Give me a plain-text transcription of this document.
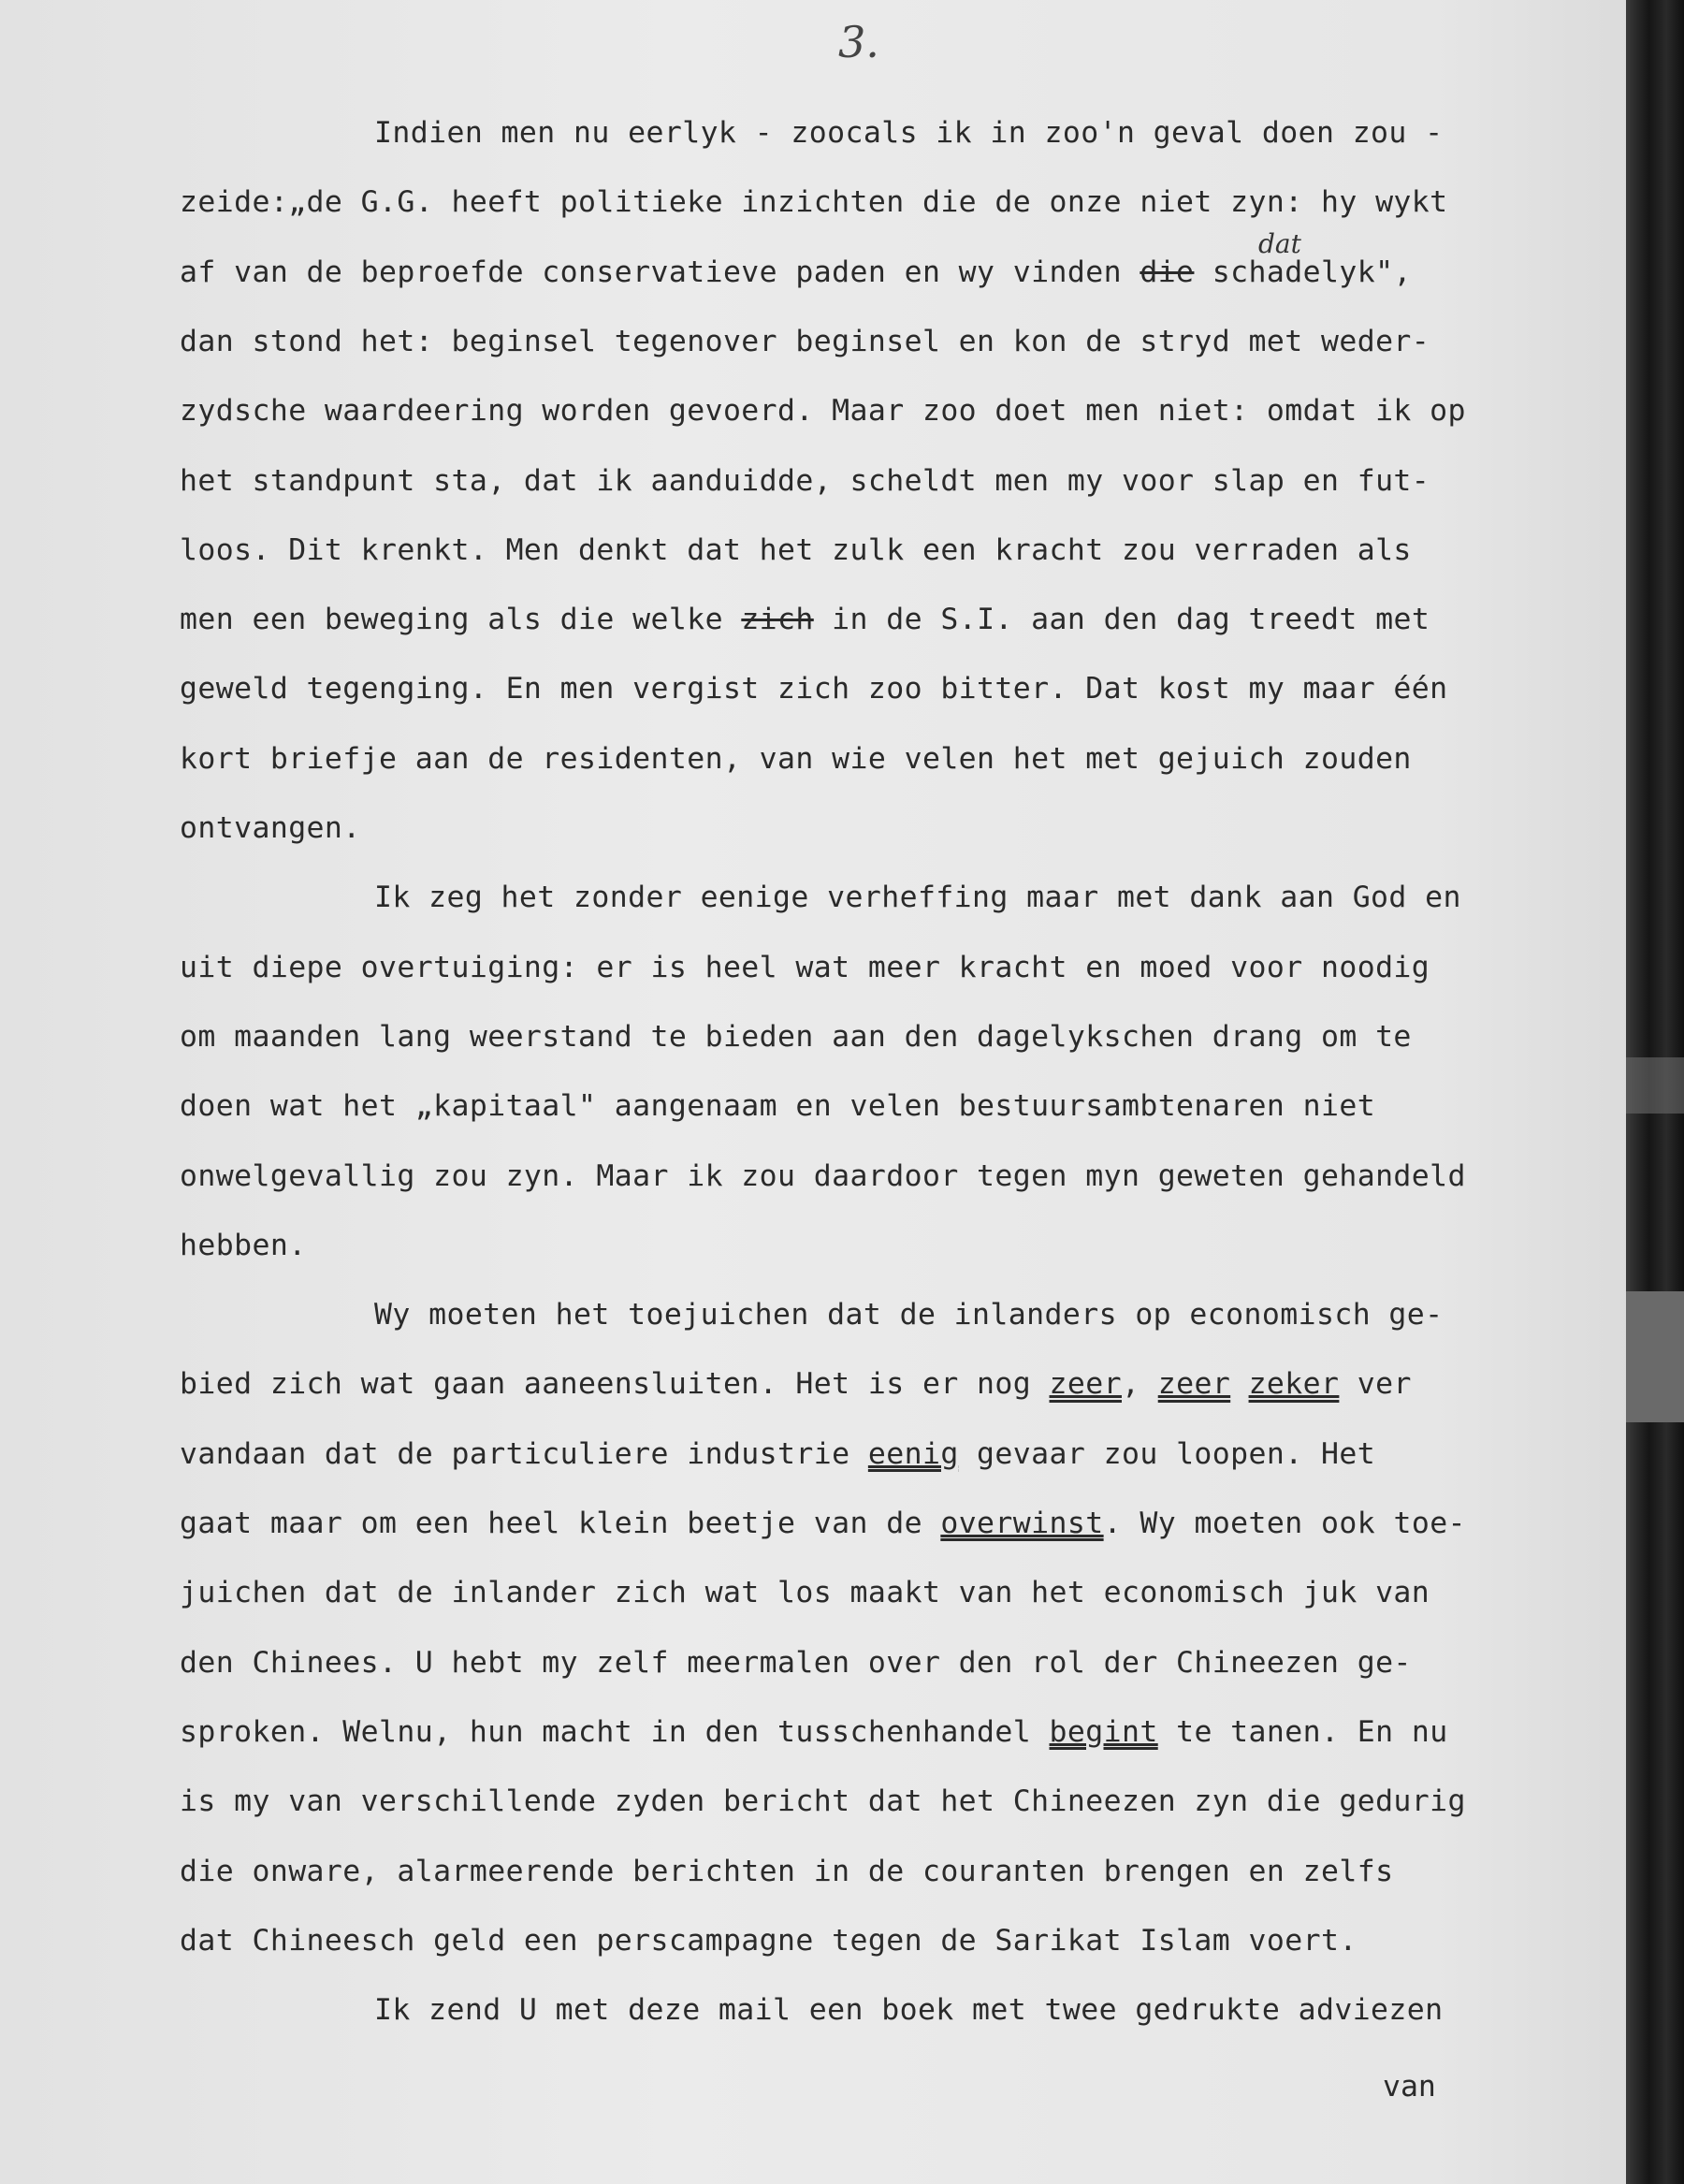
3.
dat
Indien men nu eerlyk - zoocals ik in zoo'n geval doen zou -
zeide:„de G.G. heeft politieke inzichten die de onze niet zyn: hy wykt
af van de beproefde conservatieve paden en wy vinden die schadelyk",
dan stond het: beginsel tegenover beginsel en kon de stryd met weder-
zydsche waardeering worden gevoerd. Maar zoo doet men niet: omdat ik op
het standpunt sta, dat ik aanduidde, scheldt men my voor slap en fut-
loos. Dit krenkt. Men denkt dat het zulk een kracht zou verraden als
men een beweging als die welke zich in de S.I. aan den dag treedt met
geweld tegenging. En men vergist zich zoo bitter. Dat kost my maar één
kort briefje aan de residenten, van wie velen het met gejuich zouden
ontvangen.
Ik zeg het zonder eenige verheffing maar met dank aan God en
uit diepe overtuiging: er is heel wat meer kracht en moed voor noodig
om maanden lang weerstand te bieden aan den dagelykschen drang om te
doen wat het „kapitaal" aangenaam en velen bestuursambtenaren niet
onwelgevallig zou zyn. Maar ik zou daardoor tegen myn geweten gehandeld
hebben.
Wy moeten het toejuichen dat de inlanders op economisch ge-
bied zich wat gaan aaneensluiten. Het is er nog zeer, zeer zeker ver
vandaan dat de particuliere industrie eenig gevaar zou loopen. Het
gaat maar om een heel klein beetje van de overwinst. Wy moeten ook toe-
juichen dat de inlander zich wat los maakt van het economisch juk van
den Chinees. U hebt my zelf meermalen over den rol der Chineezen ge-
sproken. Welnu, hun macht in den tusschenhandel begint te tanen. En nu
is my van verschillende zyden bericht dat het Chineezen zyn die gedurig
die onware, alarmeerende berichten in de couranten brengen en zelfs
dat Chineesch geld een perscampagne tegen de Sarikat Islam voert.
Ik zend U met deze mail een boek met twee gedrukte adviezen
van
